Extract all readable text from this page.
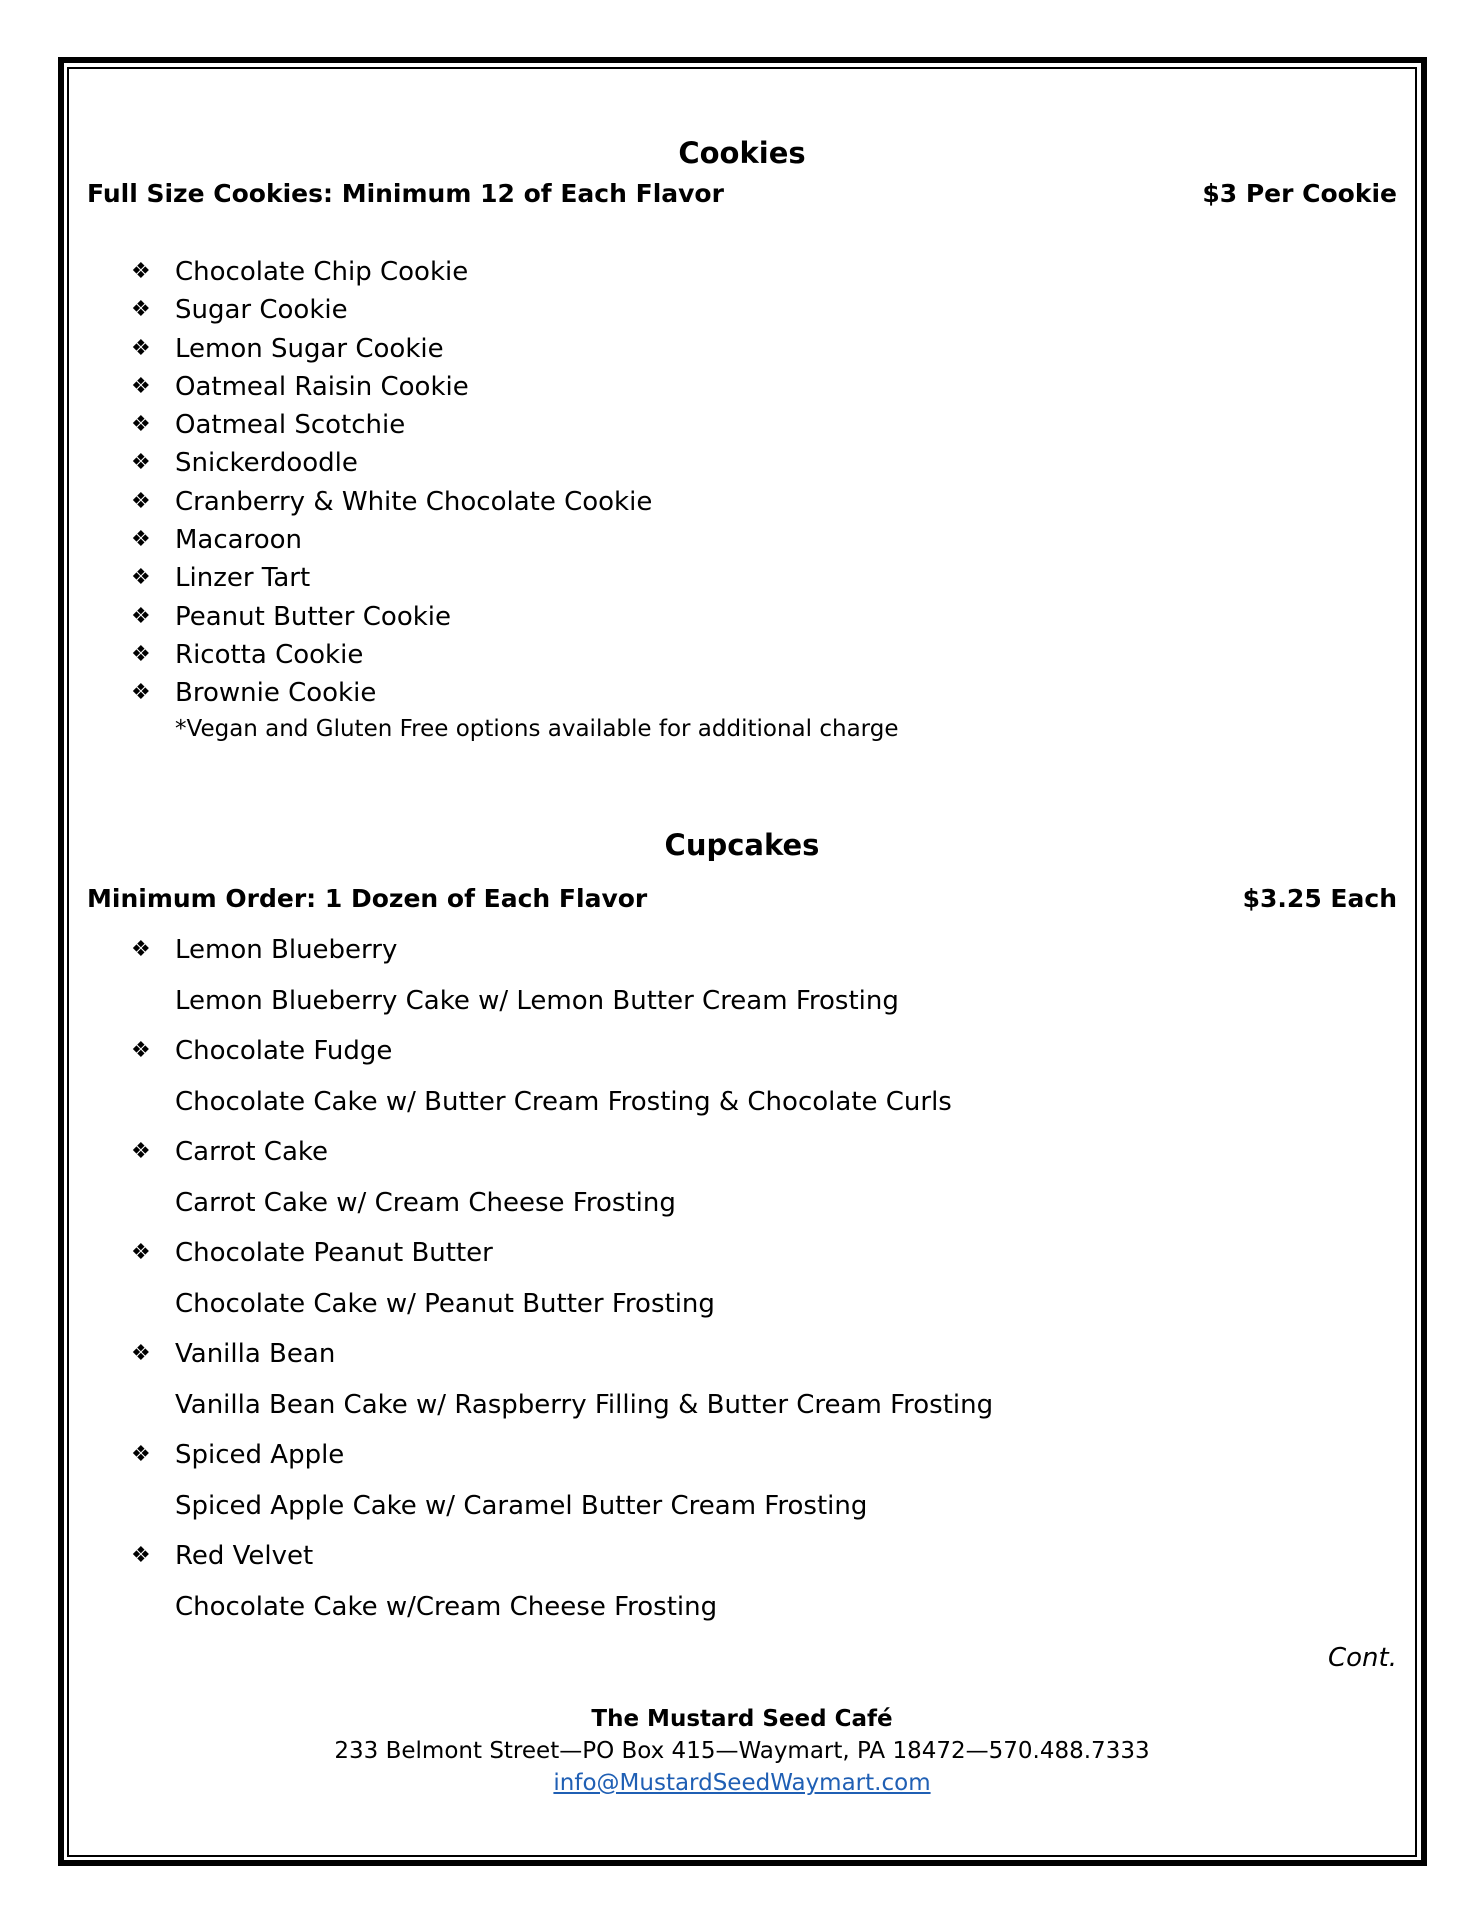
Cookies
Full Size Cookies: Minimum 12 of Each Flavor	$3 Per Cookie
❖ Chocolate Chip Cookie
❖ Sugar Cookie
❖ Lemon Sugar Cookie
❖ Oatmeal Raisin Cookie
❖ Oatmeal Scotchie
❖ Snickerdoodle
❖ Cranberry & White Chocolate Cookie
❖ Macaroon
❖ Linzer Tart
❖ Peanut Butter Cookie
❖ Ricotta Cookie
❖ Brownie Cookie
*Vegan and Gluten Free options available for additional charge
Cupcakes
Minimum Order: 1 Dozen of Each Flavor	$3.25 Each
❖ Lemon Blueberry
Lemon Blueberry Cake w/ Lemon Butter Cream Frosting
❖ Chocolate Fudge
Chocolate Cake w/ Butter Cream Frosting & Chocolate Curls
❖ Carrot Cake
Carrot Cake w/ Cream Cheese Frosting
❖ Chocolate Peanut Butter
Chocolate Cake w/ Peanut Butter Frosting
❖ Vanilla Bean
Vanilla Bean Cake w/ Raspberry Filling & Butter Cream Frosting
❖ Spiced Apple
Spiced Apple Cake w/ Caramel Butter Cream Frosting
❖ Red Velvet
Chocolate Cake w/Cream Cheese Frosting
Cont.
The Mustard Seed Café
233 Belmont Street—PO Box 415—Waymart, PA 18472—570.488.7333
info@MustardSeedWaymart.com
